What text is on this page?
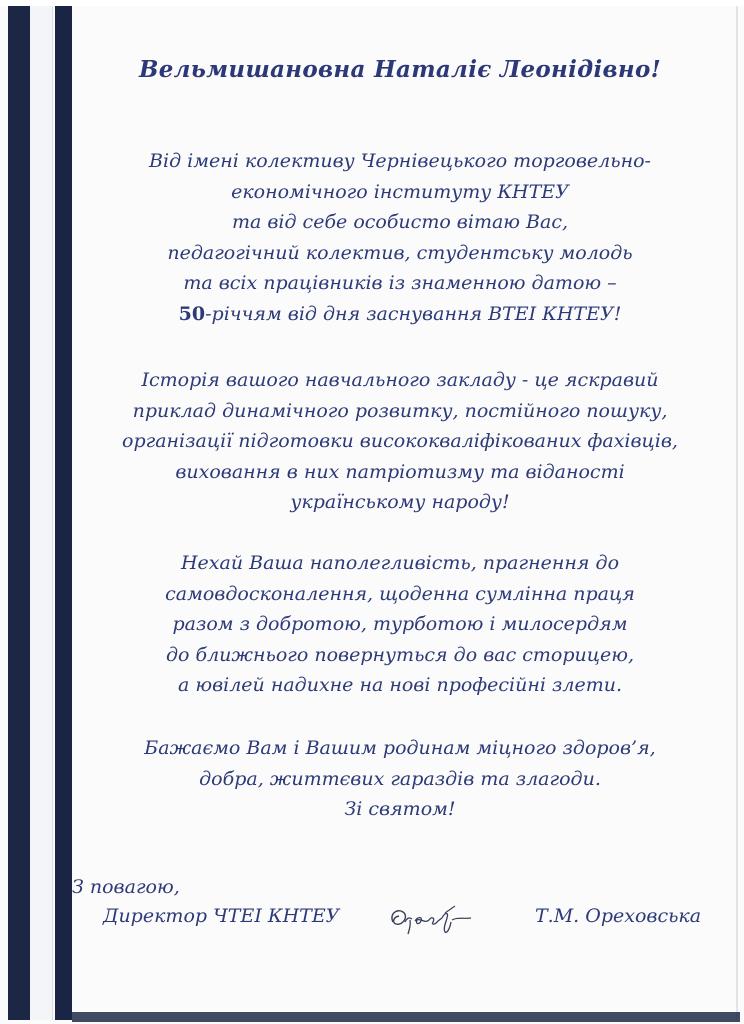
Вельмишановна Наталіє Леонідівно!
Від імені колективу Чернівецького торговельно-
економічного інституту КНТЕУ
та від себе особисто вітаю Вас,
педагогічний колектив, студентську молодь
та всіх працівників із знаменною датою –
50-річчям від дня заснування ВТЕІ КНТЕУ!
Історія вашого навчального закладу - це яскравий
приклад динамічного розвитку, постійного пошуку,
організації підготовки висококваліфікованих фахівців,
виховання в них патріотизму та віданості
українському народу!
Нехай Ваша наполегливість, прагнення до
самовдосконалення, щоденна сумлінна праця
разом з добротою, турботою і милосердям
до ближнього повернуться до вас сторицею,
а ювілей надихне на нові професійні злети.
Бажаємо Вам і Вашим родинам міцного здоров’я,
добра, життєвих гараздів та злагоди.
Зі святом!
З повагою,
Директор ЧТЕІ КНТЕУ	Т.М. Ореховська
